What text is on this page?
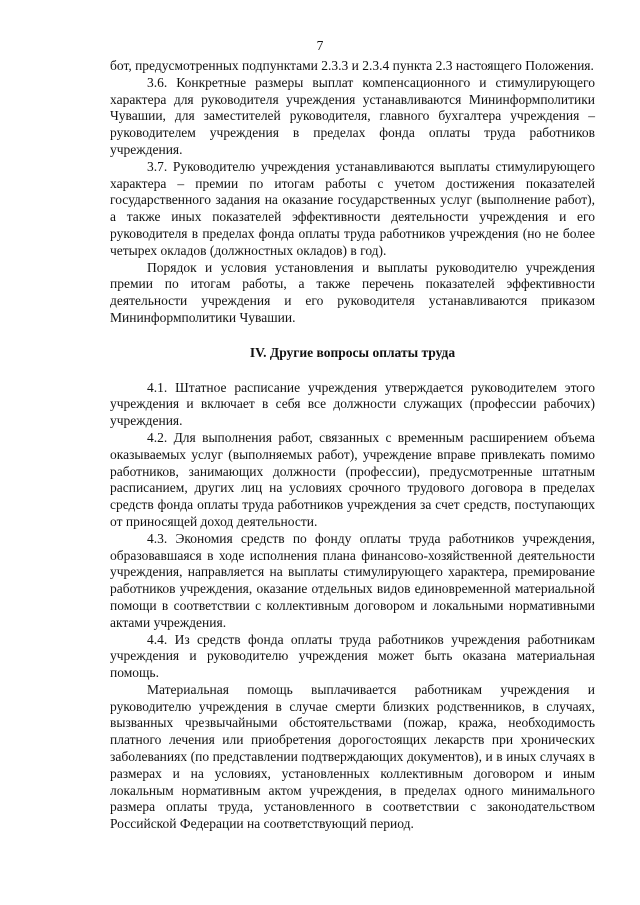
7

бот, предусмотренных подпунктами 2.3.3 и 2.3.4 пункта 2.3 настоящего Положения.

3.6. Конкретные размеры выплат компенсационного и стимулирующего характера для руководителя учреждения устанавливаются Мининформполитики Чувашии, для заместителей руководителя, главного бухгалтера учреждения – руководителем учреждения в пределах фонда оплаты труда работников учреждения.

3.7. Руководителю учреждения устанавливаются выплаты стимулирующего характера – премии по итогам работы с учетом достижения показателей государственного задания на оказание государственных услуг (выполнение работ), а также иных показателей эффективности деятельности учреждения и его руководителя в пределах фонда оплаты труда работников учреждения (но не более четырех окладов (должностных окладов) в год).

Порядок и условия установления и выплаты руководителю учреждения премии по итогам работы, а также перечень показателей эффективности деятельности учреждения и его руководителя устанавливаются приказом Мининформполитики Чувашии.

IV. Другие вопросы оплаты труда

4.1. Штатное расписание учреждения утверждается руководителем этого учреждения и включает в себя все должности служащих (профессии рабочих) учреждения.

4.2. Для выполнения работ, связанных с временным расширением объема оказываемых услуг (выполняемых работ), учреждение вправе привлекать помимо работников, занимающих должности (профессии), предусмотренные штатным расписанием, других лиц на условиях срочного трудового договора в пределах средств фонда оплаты труда работников учреждения за счет средств, поступающих от приносящей доход деятельности.

4.3. Экономия средств по фонду оплаты труда работников учреждения, образовавшаяся в ходе исполнения плана финансово-хозяйственной деятельности учреждения, направляется на выплаты стимулирующего характера, премирование работников учреждения, оказание отдельных видов единовременной материальной помощи в соответствии с коллективным договором и локальными нормативными актами учреждения.

4.4. Из средств фонда оплаты труда работников учреждения работникам учреждения и руководителю учреждения может быть оказана материальная помощь.

Материальная помощь выплачивается работникам учреждения и руководителю учреждения в случае смерти близких родственников, в случаях, вызванных чрезвычайными обстоятельствами (пожар, кража, необходимость платного лечения или приобретения дорогостоящих лекарств при хронических заболеваниях (по представлении подтверждающих документов), и в иных случаях в размерах и на условиях, установленных коллективным договором и иным локальным нормативным актом учреждения, в пределах одного минимального размера оплаты труда, установленного в соответствии с законодательством Российской Федерации на соответствующий период.
